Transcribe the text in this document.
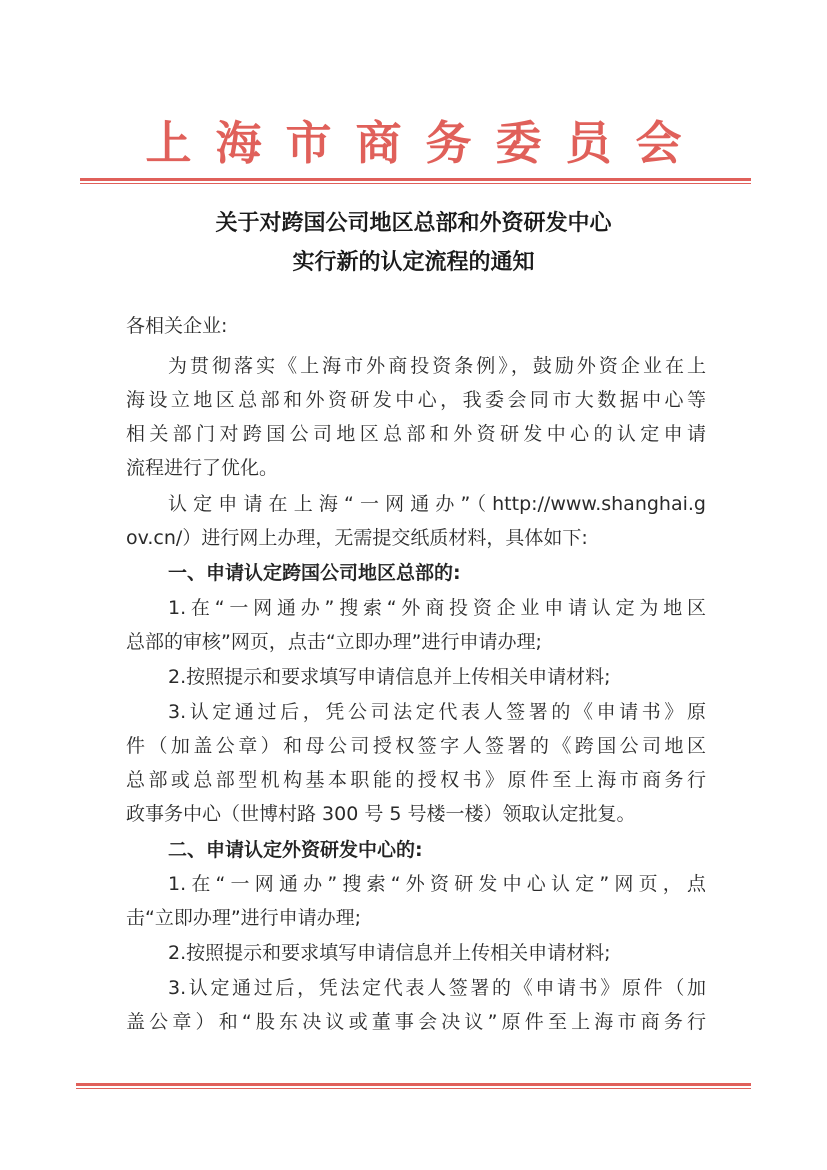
上海市商务委员会
关于对跨国公司地区总部和外资研发中心
实行新的认定流程的通知
各相关企业:
为贯彻落实《上海市外商投资条例》，鼓励外资企业在上
海设立地区总部和外资研发中心，我委会同市大数据中心等
相关部门对跨国公司地区总部和外资研发中心的认定申请
流程进行了优化。
认定申请在上海“一网通办”（http://www.shanghai.g
ov.cn/）进行网上办理，无需提交纸质材料，具体如下:
一、申请认定跨国公司地区总部的:
1.在“一网通办”搜索“外商投资企业申请认定为地区
总部的审核”网页，点击“立即办理”进行申请办理;
2.按照提示和要求填写申请信息并上传相关申请材料;
3.认定通过后，凭公司法定代表人签署的《申请书》原
件（加盖公章）和母公司授权签字人签署的《跨国公司地区
总部或总部型机构基本职能的授权书》原件至上海市商务行
政事务中心（世博村路 300 号 5 号楼一楼）领取认定批复。
二、申请认定外资研发中心的:
1.在“一网通办”搜索“外资研发中心认定”网页，点
击“立即办理”进行申请办理;
2.按照提示和要求填写申请信息并上传相关申请材料;
3.认定通过后，凭法定代表人签署的《申请书》原件（加
盖公章）和“股东决议或董事会决议”原件至上海市商务行
